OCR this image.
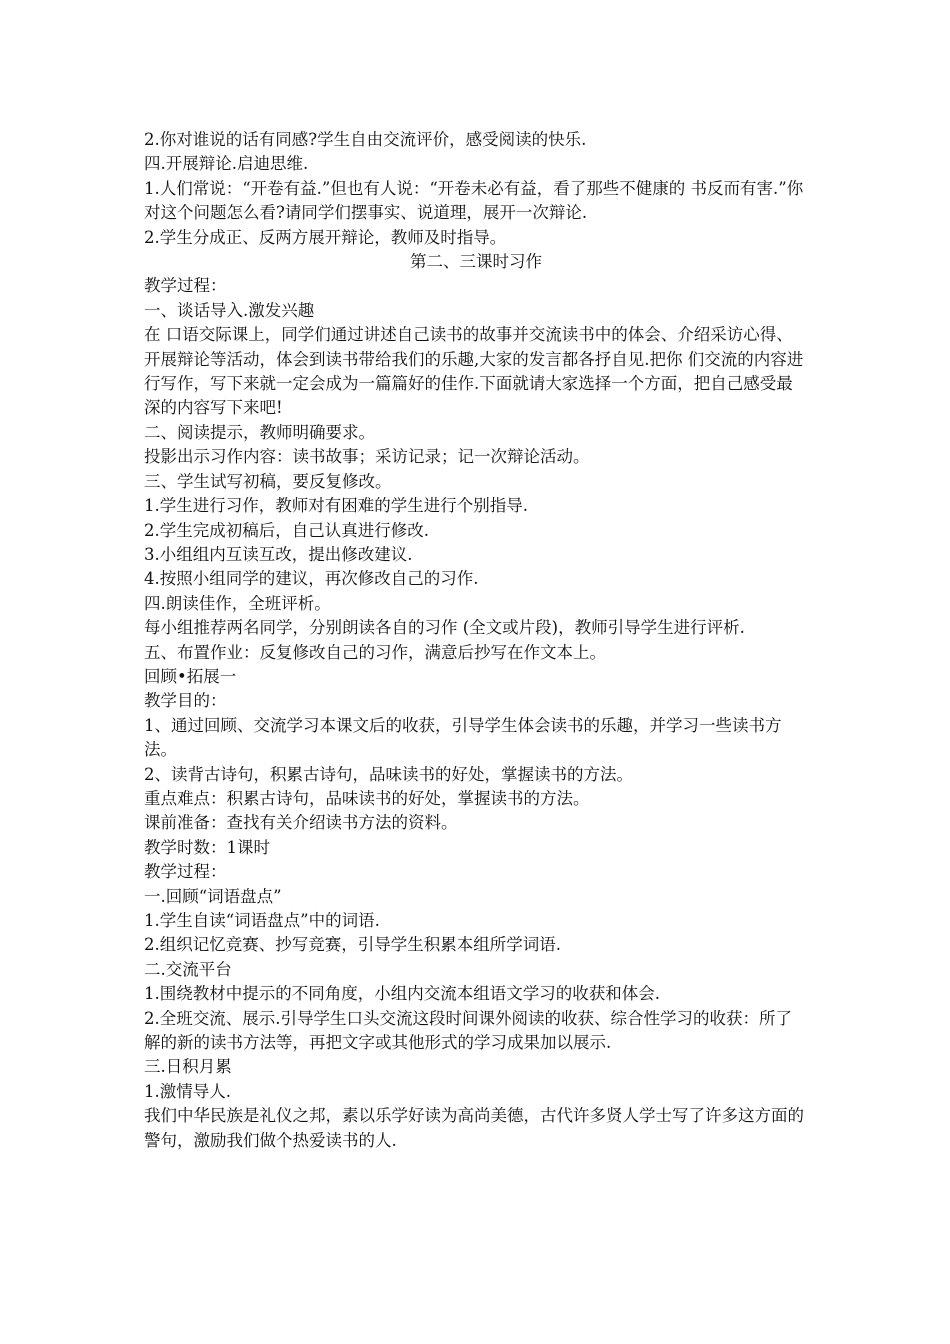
2.你对谁说的话有同感?学生自由交流评价，感受阅读的快乐.

四.开展辩论.启迪思维.

1.人们常说：“开卷有益.”但也有人说：“开卷未必有益，看了那些不健康的 书反而有害.”你对这个问题怎么看?请同学们摆事实、说道理，展开一次辩论.

2.学生分成正、反两方展开辩论，教师及时指导。

第二、三课时习作

教学过程：

一、谈话导入.激发兴趣

在 口语交际课上，同学们通过讲述自己读书的故事并交流读书中的体会、介绍采访心得、开展辩论等活动，体会到读书带给我们的乐趣,大家的发言都各抒自见.把你 们交流的内容进行写作，写下来就一定会成为一篇篇好的佳作.下面就请大家选择一个方面，把自己感受最深的内容写下来吧!

二、阅读提示，教师明确要求。

投影出示习作内容：读书故事；采访记录；记一次辩论活动。

三、学生试写初稿，要反复修改。

1.学生进行习作，教师对有困难的学生进行个别指导.

2.学生完成初稿后，自己认真进行修改.

3.小组组内互读互改，提出修改建议.

4.按照小组同学的建议，再次修改自己的习作.

四.朗读佳作，全班评析。

每小组推荐两名同学，分别朗读各自的习作 (全文或片段)，教师引导学生进行评析.

五、布置作业：反复修改自己的习作，满意后抄写在作文本上。

回顾•拓展一

教学目的：

1、通过回顾、交流学习本课文后的收获，引导学生体会读书的乐趣，并学习一些读书方法。

2、读背古诗句，积累古诗句，品味读书的好处，掌握读书的方法。

重点难点：积累古诗句，品味读书的好处，掌握读书的方法。

课前准备：查找有关介绍读书方法的资料。

教学时数：1课时

教学过程：

一.回顾“词语盘点”

1.学生自读“词语盘点”中的词语.

2.组织记忆竞赛、抄写竞赛，引导学生积累本组所学词语.

二.交流平台

1.围绕教材中提示的不同角度，小组内交流本组语文学习的收获和体会.

2.全班交流、展示.引导学生口头交流这段时间课外阅读的收获、综合性学习的收获：所了解的新的读书方法等，再把文字或其他形式的学习成果加以展示.

三.日积月累

1.激情导人.

我们中华民族是礼仪之邦，素以乐学好读为高尚美德，古代许多贤人学士写了许多这方面的警句，激励我们做个热爱读书的人.
